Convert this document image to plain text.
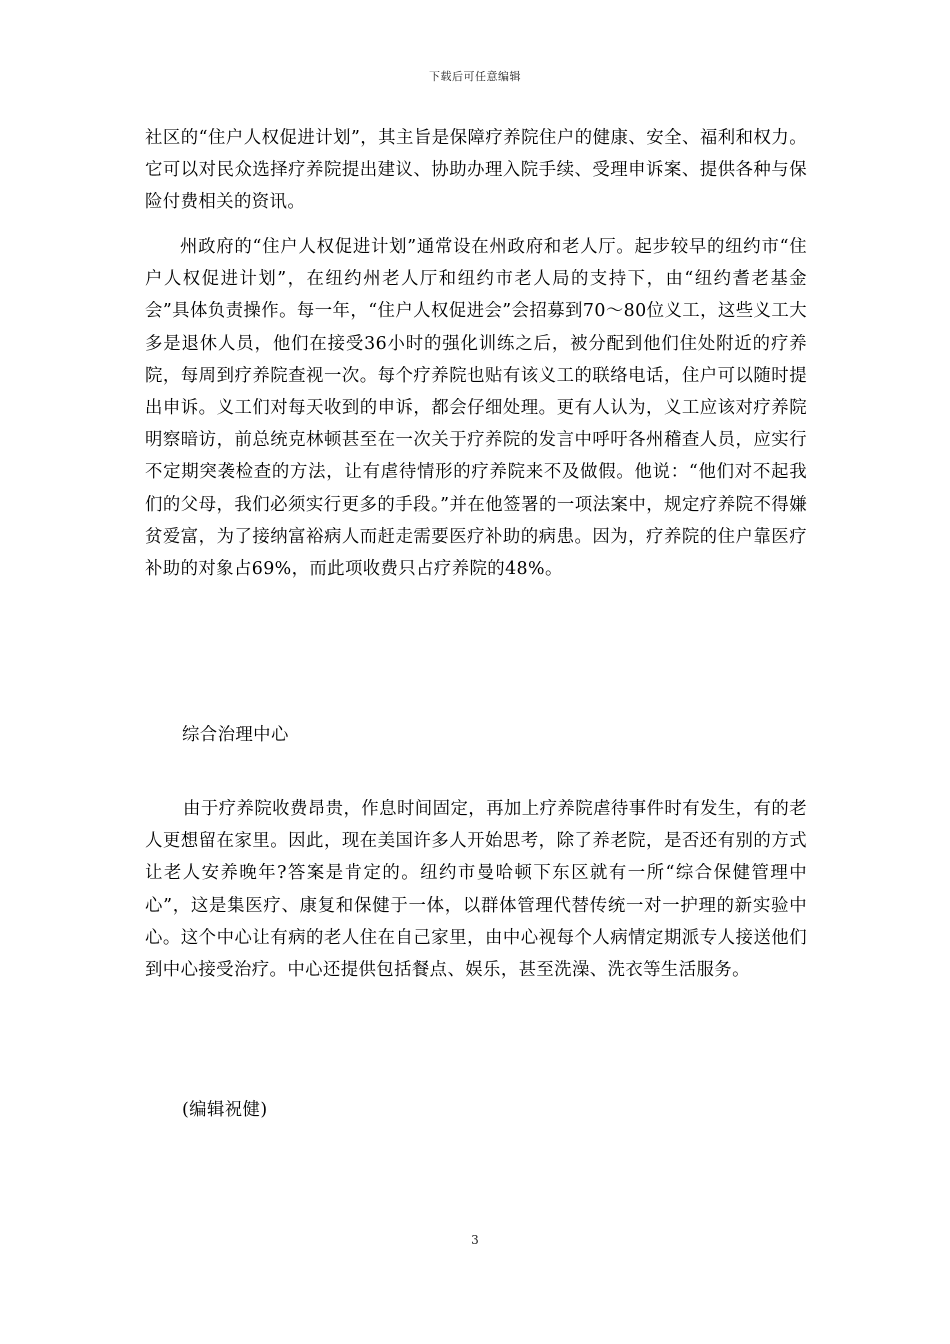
下载后可任意编辑

社区的“住户人权促进计划”，其主旨是保障疗养院住户的健康、安全、福利和权力。它可以对民众选择疗养院提出建议、协助办理入院手续、受理申诉案、提供各种与保险付费相关的资讯。

州政府的“住户人权促进计划”通常设在州政府和老人厅。起步较早的纽约市“住户人权促进计划”，在纽约州老人厅和纽约市老人局的支持下，由“纽约耆老基金会”具体负责操作。每一年，“住户人权促进会”会招募到70～80位义工，这些义工大多是退休人员，他们在接受36小时的强化训练之后，被分配到他们住处附近的疗养院，每周到疗养院查视一次。每个疗养院也贴有该义工的联络电话，住户可以随时提出申诉。义工们对每天收到的申诉，都会仔细处理。更有人认为，义工应该对疗养院明察暗访，前总统克林顿甚至在一次关于疗养院的发言中呼吁各州稽查人员，应实行不定期突袭检查的方法，让有虐待情形的疗养院来不及做假。他说：“他们对不起我们的父母，我们必须实行更多的手段。”并在他签署的一项法案中，规定疗养院不得嫌贫爱富，为了接纳富裕病人而赶走需要医疗补助的病患。因为，疗养院的住户靠医疗补助的对象占69%，而此项收费只占疗养院的48%。

综合治理中心

由于疗养院收费昂贵，作息时间固定，再加上疗养院虐待事件时有发生，有的老人更想留在家里。因此，现在美国许多人开始思考，除了养老院，是否还有别的方式让老人安养晚年?答案是肯定的。纽约市曼哈顿下东区就有一所“综合保健管理中心”，这是集医疗、康复和保健于一体，以群体管理代替传统一对一护理的新实验中心。这个中心让有病的老人住在自己家里，由中心视每个人病情定期派专人接送他们到中心接受治疗。中心还提供包括餐点、娱乐，甚至洗澡、洗衣等生活服务。

(编辑祝健)

3
